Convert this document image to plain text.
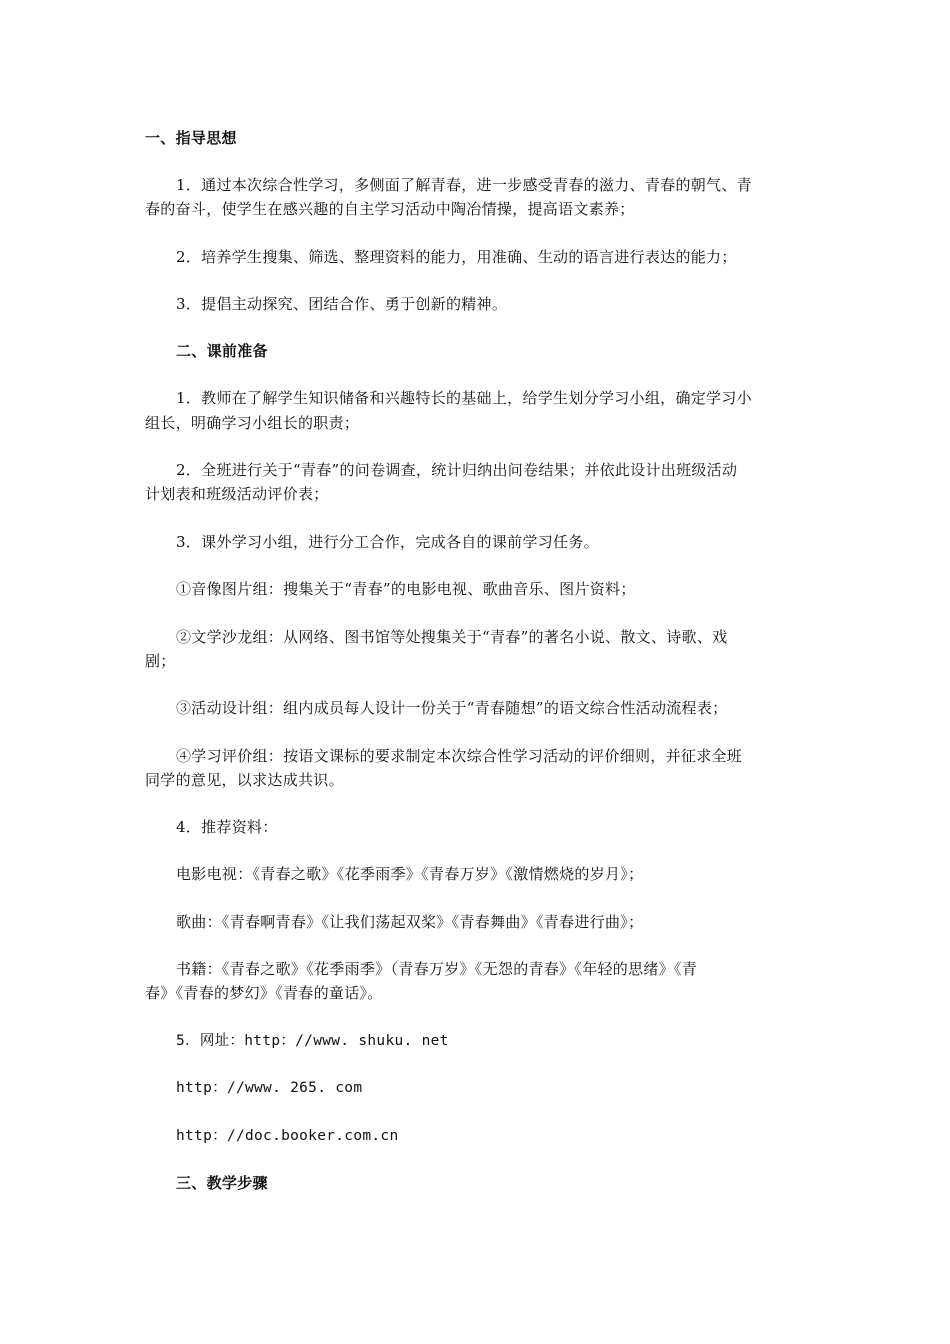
一、指导思想
1．通过本次综合性学习，多侧面了解青春，进一步感受青春的滋力、青春的朝气、青
春的奋斗，使学生在感兴趣的自主学习活动中陶冶情操，提高语文素养；
2．培养学生搜集、筛选、整理资料的能力，用准确、生动的语言进行表达的能力；
3．提倡主动探究、团结合作、勇于创新的精神。
二、课前准备
1．教师在了解学生知识储备和兴趣特长的基础上，给学生划分学习小组，确定学习小
组长，明确学习小组长的职责；
2．全班进行关于“青春”的问卷调查，统计归纳出问卷结果；并依此设计出班级活动
计划表和班级活动评价表；
3．课外学习小组，进行分工合作，完成各自的课前学习任务。
①音像图片组：搜集关于“青春”的电影电视、歌曲音乐、图片资料；
②文学沙龙组：从网络、图书馆等处搜集关于“青春”的著名小说、散文、诗歌、戏
剧；
③活动设计组：组内成员每人设计一份关于“青春随想”的语文综合性活动流程表；
④学习评价组：按语文课标的要求制定本次综合性学习活动的评价细则，并征求全班
同学的意见，以求达成共识。
4．推荐资料：
电影电视：《青春之歌》《花季雨季》《青春万岁》《激情燃烧的岁月》；
歌曲：《青春啊青春》《让我们荡起双桨》《青春舞曲》《青春进行曲》；
书籍：《青春之歌》《花季雨季》（青春万岁》《无怨的青春》《年轻的思绪》《青
春》《青春的梦幻》《青春的童话》。
5．网址：http：//www. shuku. net
http：//www. 265. com
http：//doc.booker.com.cn
三、教学步骤
